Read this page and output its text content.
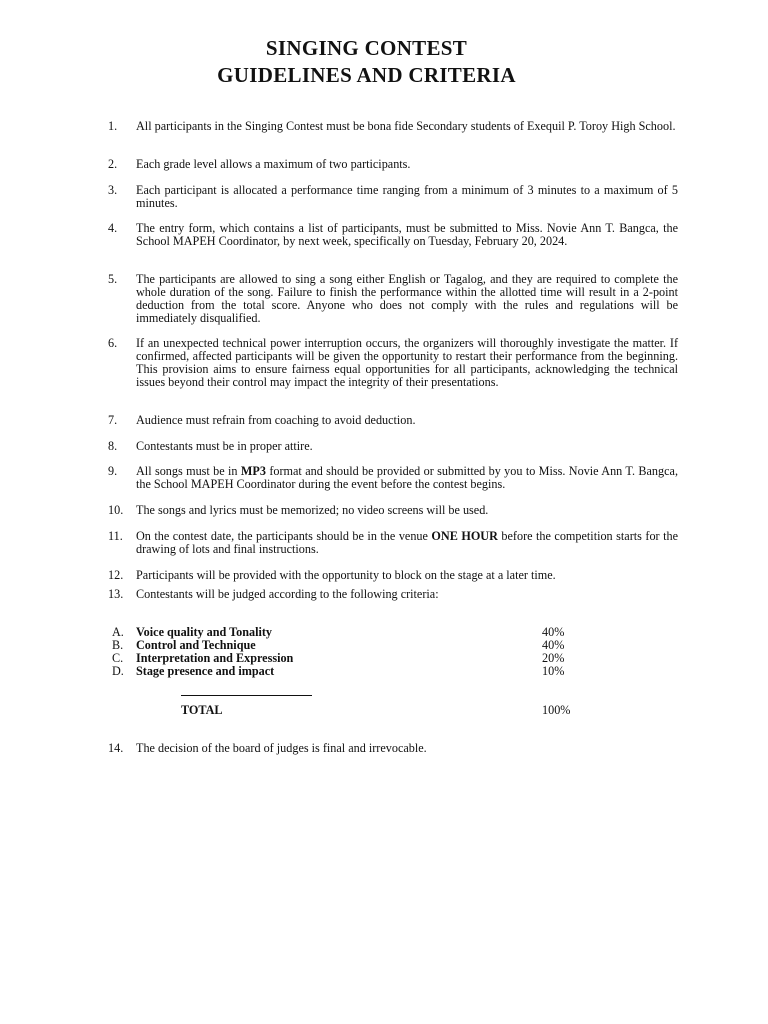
SINGING CONTEST
GUIDELINES AND CRITERIA
1.	All participants in the Singing Contest must be bona fide Secondary students of Exequil P. Toroy High School.
2.	Each grade level allows a maximum of two participants.
3.	Each participant is allocated a performance time ranging from a minimum of 3 minutes to a maximum of 5 minutes.
4.	The entry form, which contains a list of participants, must be submitted to Miss. Novie Ann T. Bangca, the School MAPEH Coordinator, by next week, specifically on Tuesday, February 20, 2024.
5.	The participants are allowed to sing a song either English or Tagalog, and they are required to complete the whole duration of the song. Failure to finish the performance within the allotted time will result in a 2-point deduction from the total score. Anyone who does not comply with the rules and regulations will be immediately disqualified.
6.	If an unexpected technical power interruption occurs, the organizers will thoroughly investigate the matter. If confirmed, affected participants will be given the opportunity to restart their performance from the beginning. This provision aims to ensure fairness equal opportunities for all participants, acknowledging the technical issues beyond their control may impact the integrity of their presentations.
7.	Audience must refrain from coaching to avoid deduction.
8.	Contestants must be in proper attire.
9.	All songs must be in MP3 format and should be provided or submitted by you to Miss. Novie Ann T. Bangca, the School MAPEH Coordinator during the event before the contest begins.
10.	The songs and lyrics must be memorized; no video screens will be used.
11.	On the contest date, the participants should be in the venue ONE HOUR before the competition starts for the drawing of lots and final instructions.
12.	Participants will be provided with the opportunity to block on the stage at a later time.
13.	Contestants will be judged according to the following criteria:
A. Voice quality and Tonality	40%
B. Control and Technique	40%
C. Interpretation and Expression	20%
D. Stage presence and impact	10%
TOTAL	100%
14.	The decision of the board of judges is final and irrevocable.
